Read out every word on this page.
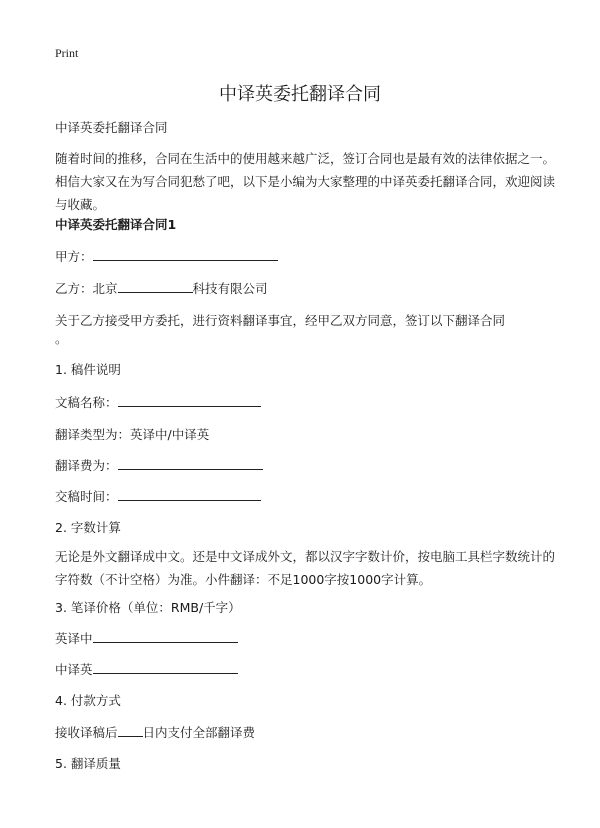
Print
中译英委托翻译合同
中译英委托翻译合同
随着时间的推移，合同在生活中的使用越来越广泛，签订合同也是最有效的法律依据之一。相信大家又在为写合同犯愁了吧，以下是小编为大家整理的中译英委托翻译合同，欢迎阅读与收藏。
中译英委托翻译合同1
甲方：
乙方：北京	科技有限公司
关于乙方接受甲方委托，进行资料翻译事宜，经甲乙双方同意，签订以下翻译合同
。
1. 稿件说明
文稿名称：
翻译类型为：英译中/中译英
翻译费为：
交稿时间：
2. 字数计算
无论是外文翻译成中文。还是中文译成外文，都以汉字字数计价，按电脑工具栏字数统计的字符数（不计空格）为准。小件翻译：不足1000字按1000字计算。
3. 笔译价格（单位：RMB/千字）
英译中
中译英
4. 付款方式
接收译稿后 日内支付全部翻译费
5. 翻译质量
